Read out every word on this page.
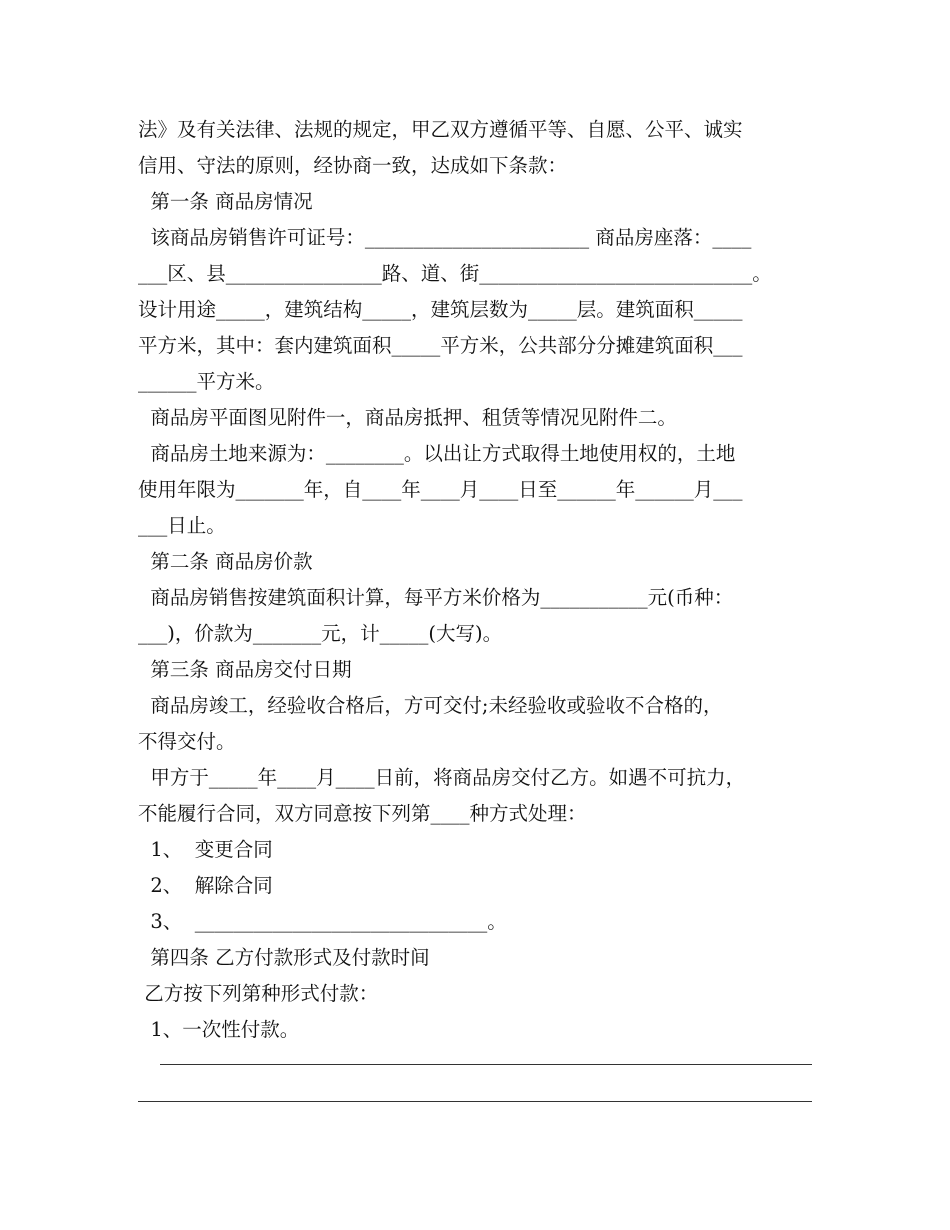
法》及有关法律、法规的规定，甲乙双方遵循平等、自愿、公平、诚实
信用、守法的原则，经协商一致，达成如下条款：
第一条 商品房情况
该商品房销售许可证号：_______________________ 商品房座落：____
___区、县________________路、道、街____________________________。
设计用途_____，建筑结构_____，建筑层数为_____层。建筑面积_____
平方米，其中：套内建筑面积_____平方米，公共部分分摊建筑面积___
______平方米。
商品房平面图见附件一，商品房抵押、租赁等情况见附件二。
商品房土地来源为：________。以出让方式取得土地使用权的，土地
使用年限为_______年，自____年____月____日至______年______月___
___日止。
第二条 商品房价款
商品房销售按建筑面积计算，每平方米价格为___________元(币种：
___)，价款为_______元，计_____(大写)。
第三条 商品房交付日期
商品房竣工，经验收合格后，方可交付;未经验收或验收不合格的，
不得交付。
甲方于_____年____月____日前，将商品房交付乙方。如遇不可抗力，
不能履行合同，双方同意按下列第____种方式处理：
1、  变更合同
2、  解除合同
3、  ______________________________。
第四条 乙方付款形式及付款时间
乙方按下列第种形式付款：
1、一次性付款。
